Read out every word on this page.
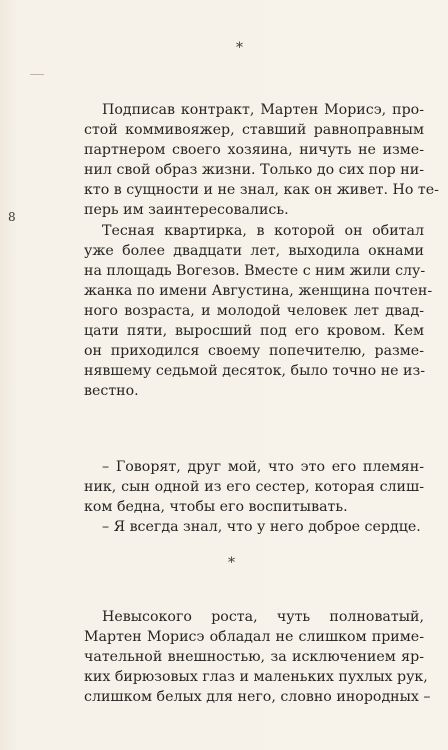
*
8
Подписав контракт, Мартен Морисэ, про-
стой коммивояжер, ставший равноправным
партнером своего хозяина, ничуть не изме-
нил свой образ жизни. Только до сих пор ни-
кто в сущности и не знал, как он живет. Но те-
перь им заинтересовались.
Тесная квартирка, в которой он обитал
уже более двадцати лет, выходила окнами
на площадь Вогезов. Вместе с ним жили слу-
жанка по имени Августина, женщина почтен-
ного возраста, и молодой человек лет двад-
цати пяти, выросший под его кровом. Кем
он приходился своему попечителю, разме-
нявшему седьмой десяток, было точно не из-
вестно.
– Говорят, друг мой, что это его племян-
ник, сын одной из его сестер, которая слиш-
ком бедна, чтобы его воспитывать.
– Я всегда знал, что у него доброе сердце.
*
Невысокого роста, чуть полноватый,
Мартен Морисэ обладал не слишком приме-
чательной внешностью, за исключением яр-
ких бирюзовых глаз и маленьких пухлых рук,
слишком белых для него, словно инородных –
